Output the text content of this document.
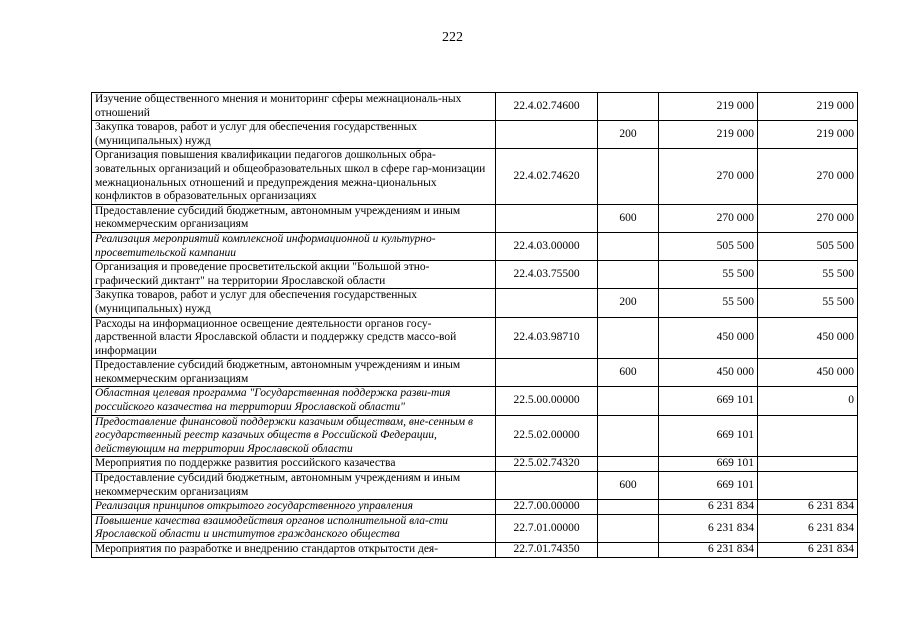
222
Изучение общественного мнения и мониторинг сферы межнациональ-ных отношений	22.4.02.74600		219 000	219 000
Закупка товаров, работ и услуг для обеспечения государственных (муниципальных) нужд		200	219 000	219 000
Организация повышения квалификации педагогов дошкольных обра-зовательных организаций и общеобразовательных школ в сфере гар-монизации межнациональных отношений и предупреждения межна-циональных конфликтов в образовательных организациях	22.4.02.74620		270 000	270 000
Предоставление субсидий бюджетным, автономным учреждениям и иным некоммерческим организациям		600	270 000	270 000
Реализация мероприятий комплексной информационной и культурно-просветительской кампании	22.4.03.00000		505 500	505 500
Организация и проведение просветительской акции "Большой этно-графический диктант" на территории Ярославской области	22.4.03.75500		55 500	55 500
Закупка товаров, работ и услуг для обеспечения государственных (муниципальных) нужд		200	55 500	55 500
Расходы на информационное освещение деятельности органов госу-дарственной власти Ярославской области и поддержку средств массо-вой информации	22.4.03.98710		450 000	450 000
Предоставление субсидий бюджетным, автономным учреждениям и иным некоммерческим организациям		600	450 000	450 000
Областная целевая программа "Государственная поддержка разви-тия российского казачества на территории Ярославской области"	22.5.00.00000		669 101	0
Предоставление финансовой поддержки казачьим обществам, вне-сенным в государственный реестр казачьих обществ в Российской Федерации, действующим на территории Ярославской области	22.5.02.00000		669 101	
Мероприятия по поддержке развития российского казачества	22.5.02.74320		669 101	
Предоставление субсидий бюджетным, автономным учреждениям и иным некоммерческим организациям		600	669 101	
Реализация принципов открытого государственного управления	22.7.00.00000		6 231 834	6 231 834
Повышение качества взаимодействия органов исполнительной вла-сти Ярославской области и институтов гражданского общества	22.7.01.00000		6 231 834	6 231 834
Мероприятия по разработке и внедрению стандартов открытости дея-	22.7.01.74350		6 231 834	6 231 834
